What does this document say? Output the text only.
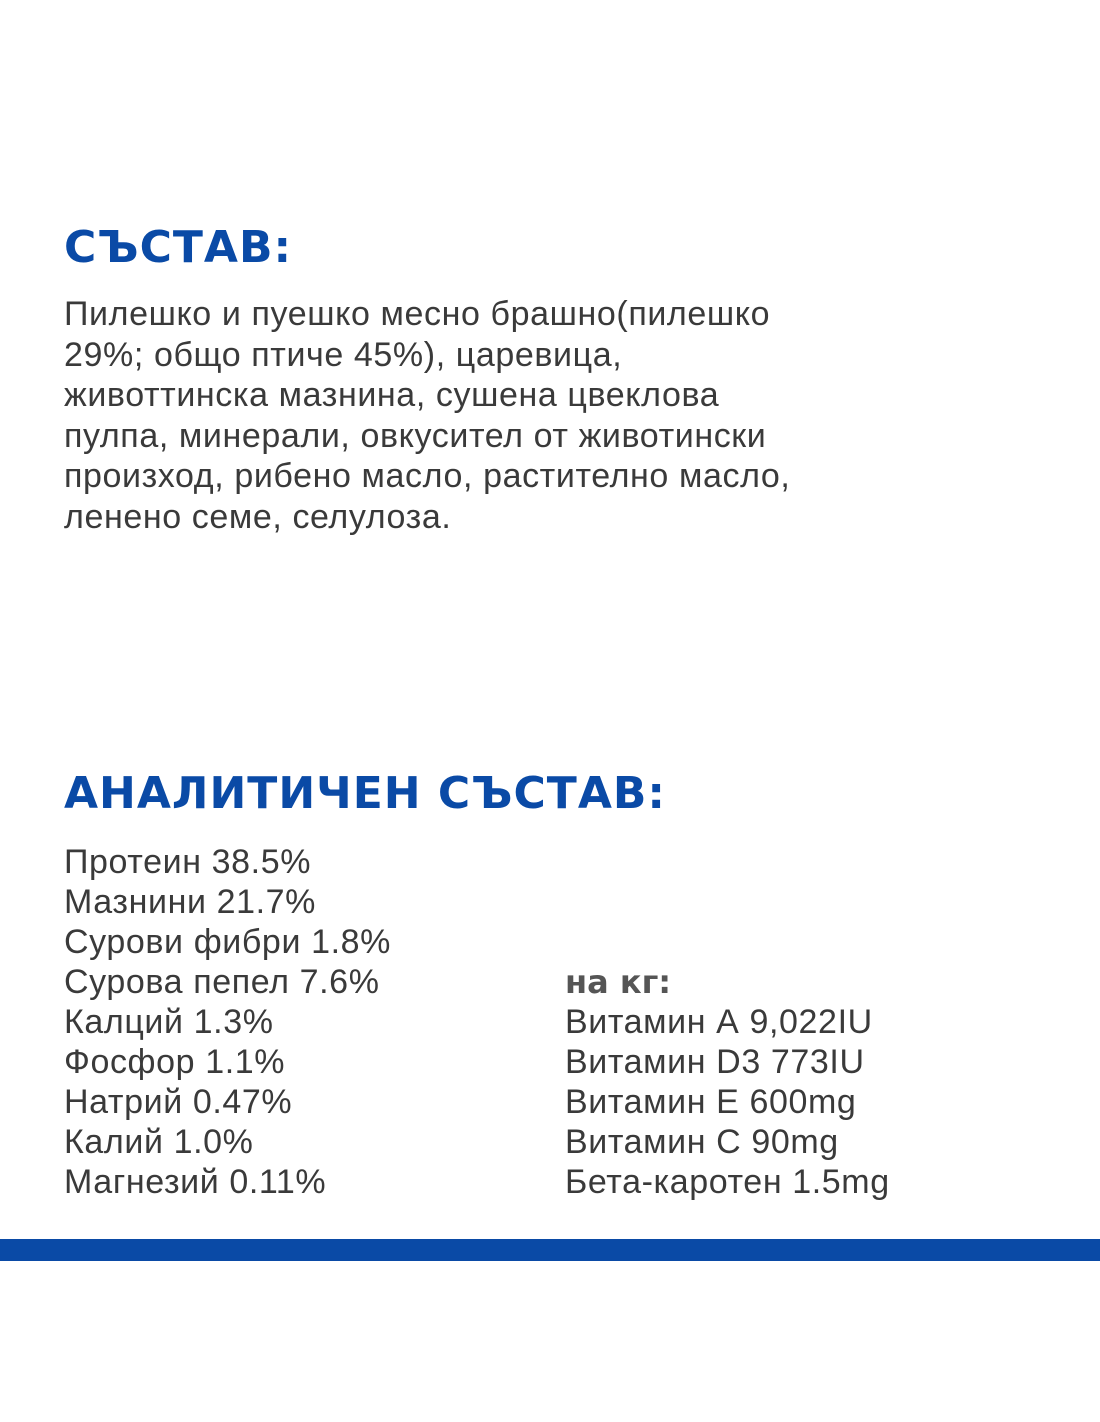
СЪСТАВ:

Пилешко и пуешко месно брашно(пилешко
29%; общо птиче 45%), царевица,
животтинска мазнина, сушена цвеклова
пулпа, минерали, овкусител от животински
произход, рибено масло, растително масло,
ленено семе, селулоза.

АНАЛИТИЧЕН СЪСТАВ:
Протеин 38.5%
Мазнини 21.7%
Сурови фибри 1.8%
Сурова пепел 7.6%
Калций 1.3%
Фосфор 1.1%
Натрий 0.47%
Калий 1.0%
Магнезий 0.11%
на кг:
Витамин А 9,022IU
Витамин D3 773IU
Витамин Е 600mg
Витамин С 90mg
Бета-каротен 1.5mg
